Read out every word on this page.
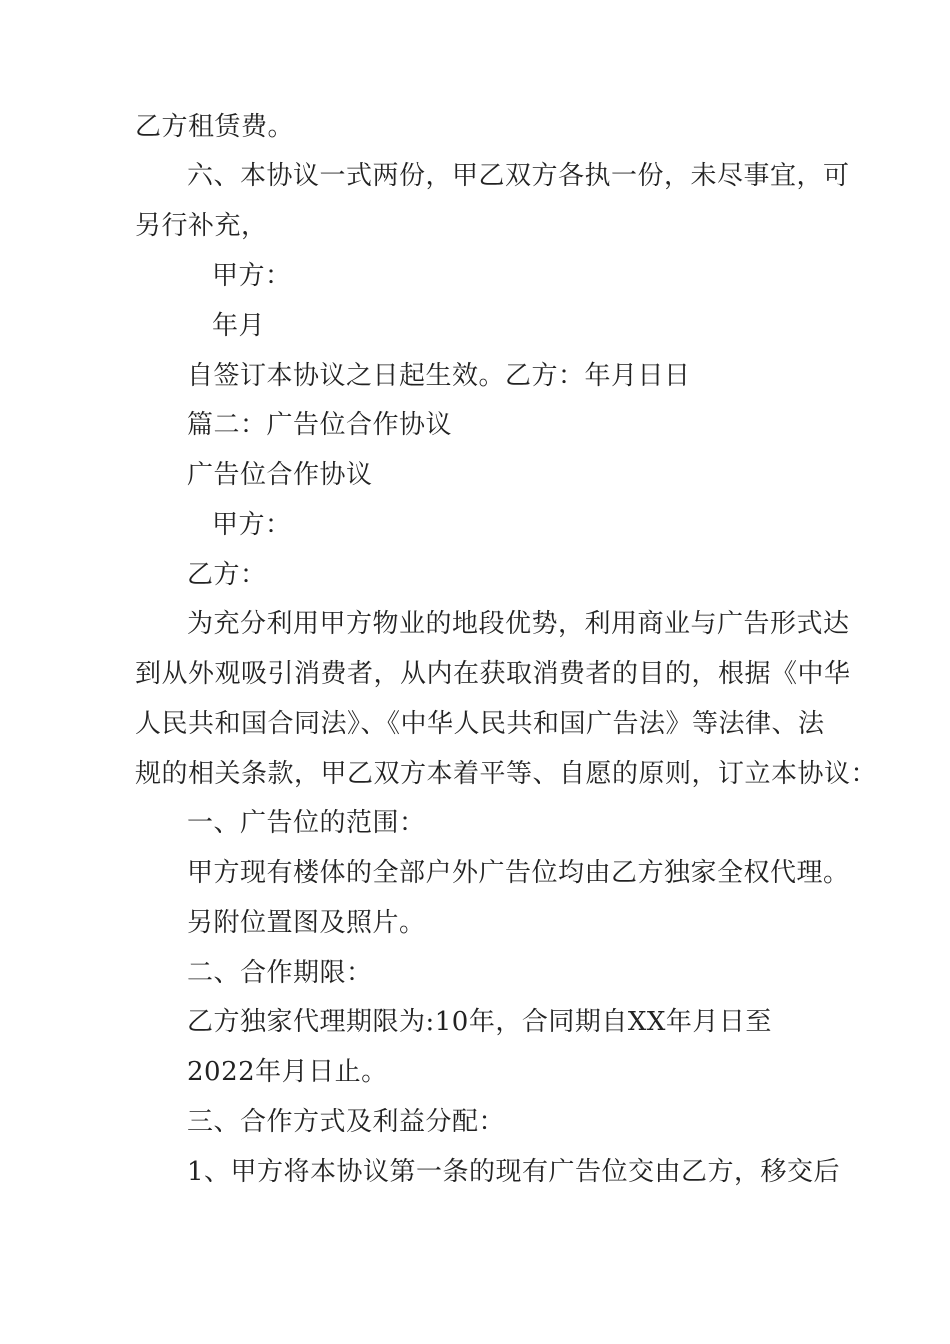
乙方租赁费。
六、本协议一式两份，甲乙双方各执一份，未尽事宜，可
另行补充，
甲方：
年月
自签订本协议之日起生效。乙方：年月日日
篇二：广告位合作协议
广告位合作协议
甲方：
乙方：
为充分利用甲方物业的地段优势，利用商业与广告形式达
到从外观吸引消费者，从内在获取消费者的目的，根据《中华
人民共和国合同法》、《中华人民共和国广告法》等法律、法
规的相关条款，甲乙双方本着平等、自愿的原则，订立本协议：
一、广告位的范围：
甲方现有楼体的全部户外广告位均由乙方独家全权代理。
另附位置图及照片。
二、合作期限：
乙方独家代理期限为:10年，合同期自XX年月日至
2022年月日止。
三、合作方式及利益分配：
1、甲方将本协议第一条的现有广告位交由乙方，移交后
